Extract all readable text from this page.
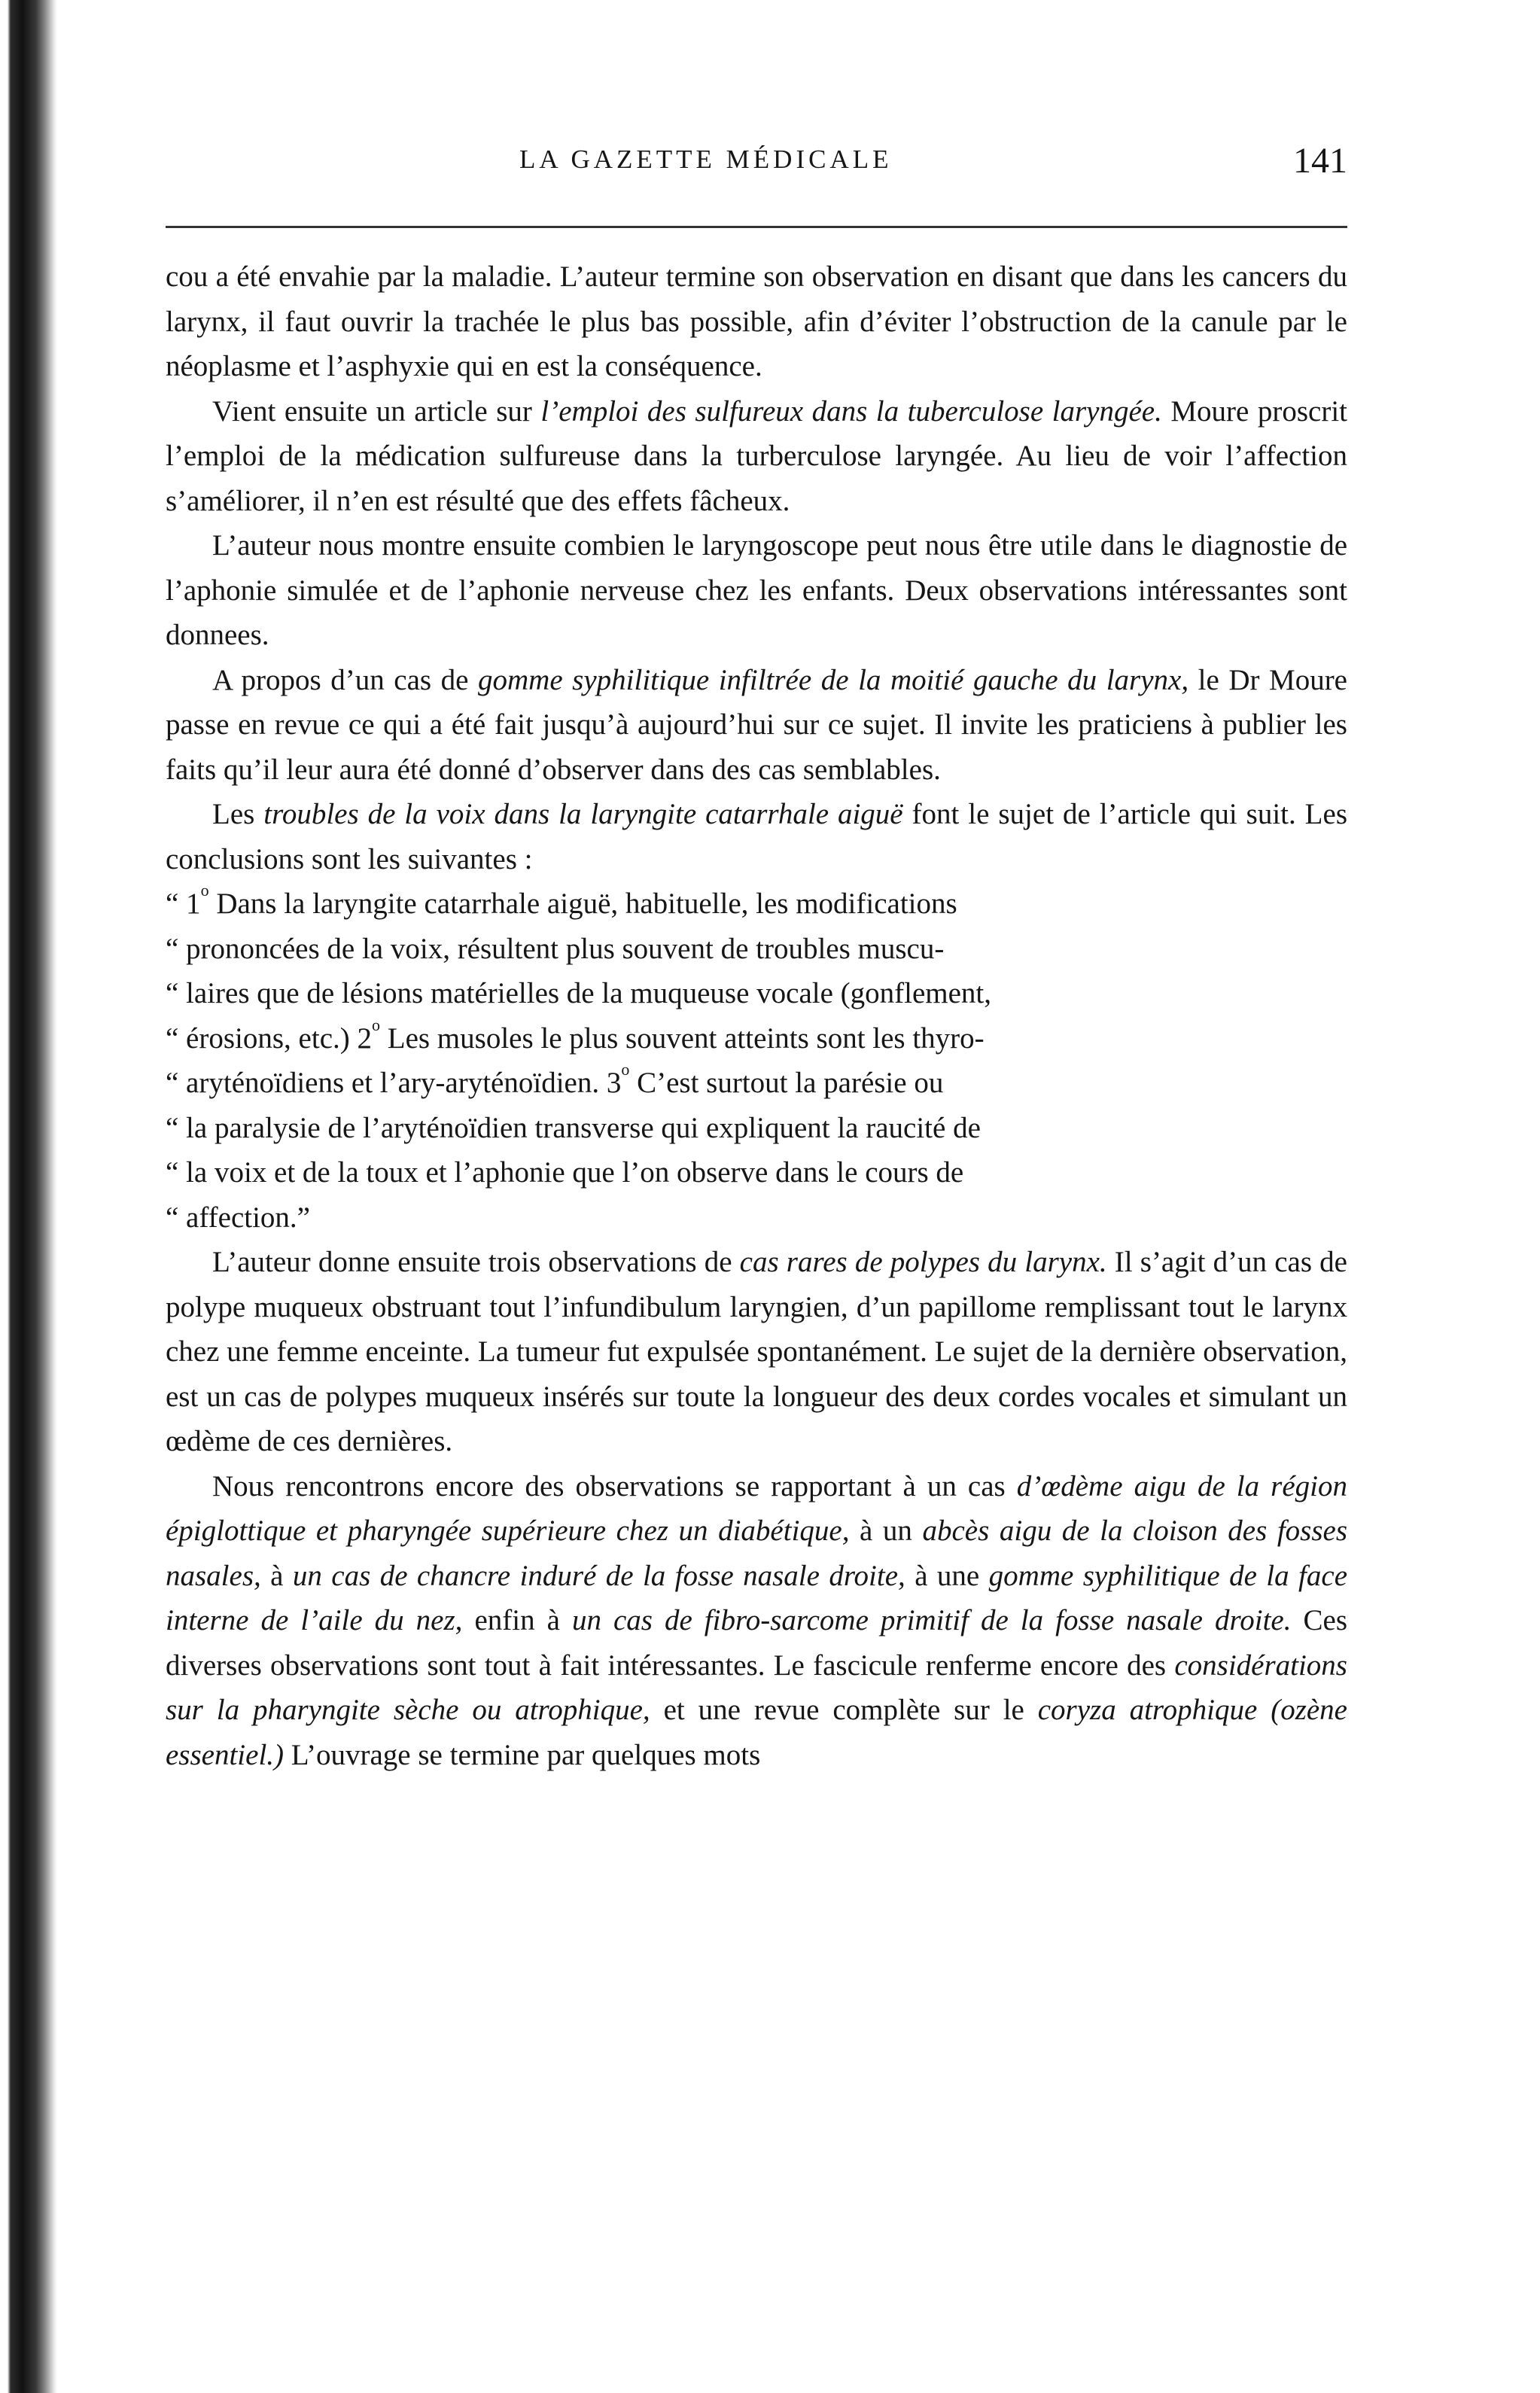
LA GAZETTE MÉDICALE	141

cou a été envahie par la maladie. L’auteur termine son observation en disant que dans les cancers du larynx, il faut ouvrir la trachée le plus bas possible, afin d’éviter l’obstruction de la canule par le néoplasme et l’asphyxie qui en est la conséquence.

Vient ensuite un article sur l’emploi des sulfureux dans la tuberculose laryngée. Moure proscrit l’emploi de la médication sulfureuse dans la turberculose laryngée. Au lieu de voir l’affection s’améliorer, il n’en est résulté que des effets fâcheux.

L’auteur nous montre ensuite combien le laryngoscope peut nous être utile dans le diagnostie de l’aphonie simulée et de l’aphonie nerveuse chez les enfants. Deux observations intéressantes sont donnees.

A propos d’un cas de gomme syphilitique infiltrée de la moitié gauche du larynx, le Dr Moure passe en revue ce qui a été fait jusqu’à aujourd’hui sur ce sujet. Il invite les praticiens à publier les faits qu’il leur aura été donné d’observer dans des cas semblables.

Les troubles de la voix dans la laryngite catarrhale aiguë font le sujet de l’article qui suit. Les conclusions sont les suivantes :

“ 1$^o$ Dans la laryngite catarrhale aiguë, habituelle, les modifications

“ prononcées de la voix, résultent plus souvent de troubles muscu-

“ laires que de lésions matérielles de la muqueuse vocale (gonflement,

“ érosions, etc.) 2$^o$ Les musoles le plus souvent atteints sont les thyro-

“ aryténoïdiens et l’ary-aryténoïdien. 3$^o$ C’est surtout la parésie ou

“ la paralysie de l’aryténoïdien transverse qui expliquent la raucité de

“ la voix et de la toux et l’aphonie que l’on observe dans le cours de

“ affection.”

L’auteur donne ensuite trois observations de cas rares de polypes du larynx. Il s’agit d’un cas de polype muqueux obstruant tout l’infundibulum laryngien, d’un papillome remplissant tout le larynx chez une femme enceinte. La tumeur fut expulsée spontanément. Le sujet de la dernière observation, est un cas de polypes muqueux insérés sur toute la longueur des deux cordes vocales et simulant un œdème de ces dernières.

Nous rencontrons encore des observations se rapportant à un cas d’œdème aigu de la région épiglottique et pharyngée supérieure chez un diabétique, à un abcès aigu de la cloison des fosses nasales, à un cas de chancre induré de la fosse nasale droite, à une gomme syphilitique de la face interne de l’aile du nez, enfin à un cas de fibro-sarcome primitif de la fosse nasale droite. Ces diverses observations sont tout à fait intéressantes. Le fascicule renferme encore des considérations sur la pharyngite sèche ou atrophique, et une revue complète sur le coryza atrophique (ozène essentiel.) L’ouvrage se termine par quelques mots
